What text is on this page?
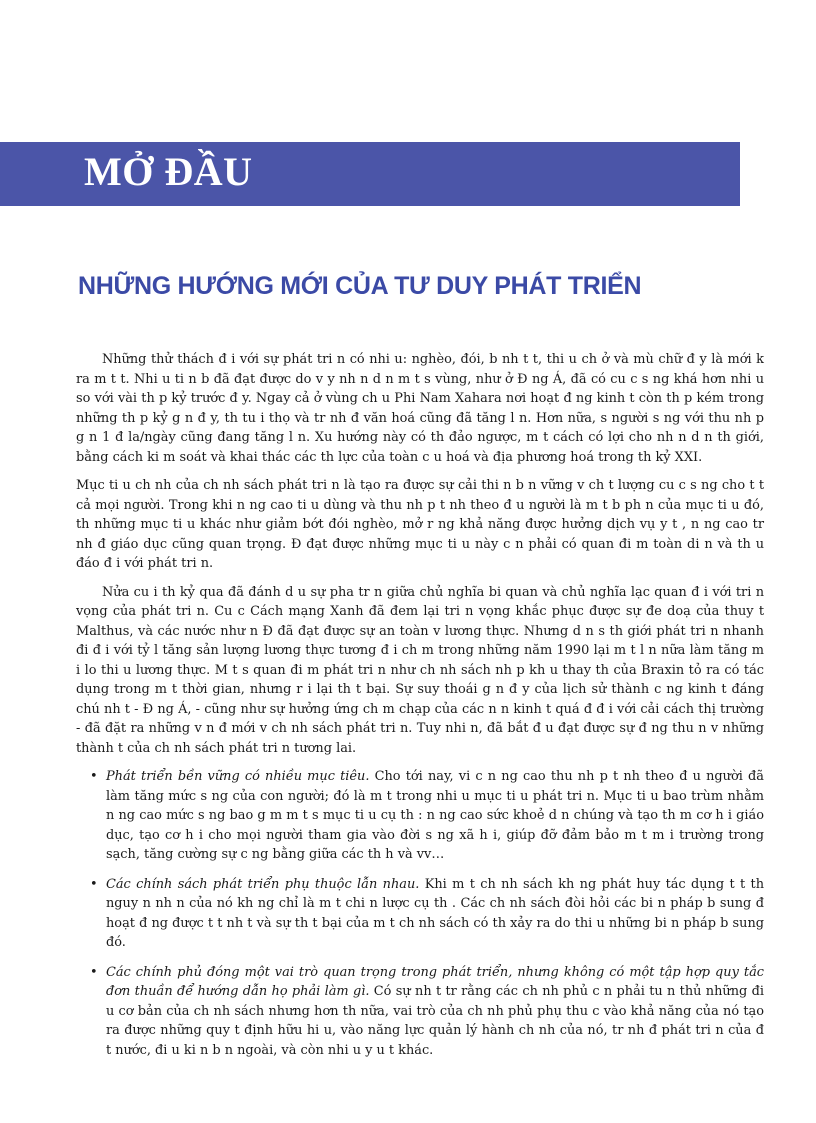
MỞ ĐẦU
NHỮNG HƯỚNG MỚI CỦA TƯ DUY PHÁT TRIỂN

Những thử thách đ i với sự phát tri n có nhi u: nghèo, đói, b nh t t, thi u ch ở và mù chữ đ y là mới k ra m t t. Nhi u ti n b đã đạt được do v y nh n d n m t s vùng, như ở Đ ng Á, đã có cu c s ng khá hơn nhi u so với vài th p kỷ trước đ y. Ngay cả ở vùng ch u Phi Nam Xahara nơi hoạt đ ng kinh t còn th p kém trong những th p kỷ g n đ y, th tu i thọ và tr nh đ văn hoá cũng đã tăng l n. Hơn nữa, s người s ng với thu nh p g n 1 đ la/ngày cũng đang tăng l n. Xu hướng này có th đảo ngược, m t cách có lợi cho nh n d n th giới, bằng cách ki m soát và khai thác các th lực của toàn c u hoá và địa phương hoá trong th kỷ XXI.

Mục ti u ch nh của ch nh sách phát tri n là tạo ra được sự cải thi n b n vững v ch t lượng cu c s ng cho t t cả mọi người. Trong khi n ng cao ti u dùng và thu nh p t nh theo đ u người là m t b ph n của mục ti u đó, th những mục ti u khác như giảm bớt đói nghèo, mở r ng khả năng được hưởng dịch vụ y t , n ng cao tr nh đ giáo dục cũng quan trọng. Đ đạt được những mục ti u này c n phải có quan đi m toàn di n và th u đáo đ i với phát tri n.

Nửa cu i th kỷ qua đã đánh d u sự pha tr n giữa chủ nghĩa bi quan và chủ nghĩa lạc quan đ i với tri n vọng của phát tri n. Cu c Cách mạng Xanh đã đem lại tri n vọng khắc phục được sự đe doạ của thuy t Malthus, và các nước như n Đ đã đạt được sự an toàn v lương thực. Nhưng d n s th giới phát tri n nhanh đi đ i với tỷ l tăng sản lượng lương thực tương đ i ch m trong những năm 1990 lại m t l n nữa làm tăng m i lo thi u lương thực. M t s quan đi m phát tri n như ch nh sách nh p kh u thay th của Braxin tỏ ra có tác dụng trong m t thời gian, nhưng r i lại th t bại. Sự suy thoái g n đ y của lịch sử thành c ng kinh t đáng chú nh t - Đ ng Á, - cũng như sự hưởng ứng ch m chạp của các n n kinh t quá đ đ i với cải cách thị trường - đã đặt ra những v n đ mới v ch nh sách phát tri n. Tuy nhi n, đã bắt đ u đạt được sự đ ng thu n v những thành t của ch nh sách phát tri n tương lai.

• Phát triển bền vững có nhiều mục tiêu. Cho tới nay, vi c n ng cao thu nh p t nh theo đ u người đã làm tăng mức s ng của con người; đó là m t trong nhi u mục ti u phát tri n. Mục ti u bao trùm nhằm n ng cao mức s ng bao g m m t s mục ti u cụ th : n ng cao sức khoẻ d n chúng và tạo th m cơ h i giáo dục, tạo cơ h i cho mọi người tham gia vào đời s ng xã h i, giúp đỡ đảm bảo m t m i trường trong sạch, tăng cường sự c ng bằng giữa các th h và vv…
• Các chính sách phát triển phụ thuộc lẫn nhau. Khi m t ch nh sách kh ng phát huy tác dụng t t th nguy n nh n của nó kh ng chỉ là m t chi n lược cụ th . Các ch nh sách đòi hỏi các bi n pháp b sung đ hoạt đ ng được t t nh t và sự th t bại của m t ch nh sách có th xảy ra do thi u những bi n pháp b sung đó.
• Các chính phủ đóng một vai trò quan trọng trong phát triển, nhưng không có một tập hợp quy tắc đơn thuần để hướng dẫn họ phải làm gì. Có sự nh t tr rằng các ch nh phủ c n phải tu n thủ những đi u cơ bản của ch nh sách nhưng hơn th nữa, vai trò của ch nh phủ phụ thu c vào khả năng của nó tạo ra được những quy t định hữu hi u, vào năng lực quản lý hành ch nh của nó, tr nh đ phát tri n của đ t nước, đi u ki n b n ngoài, và còn nhi u y u t khác.
